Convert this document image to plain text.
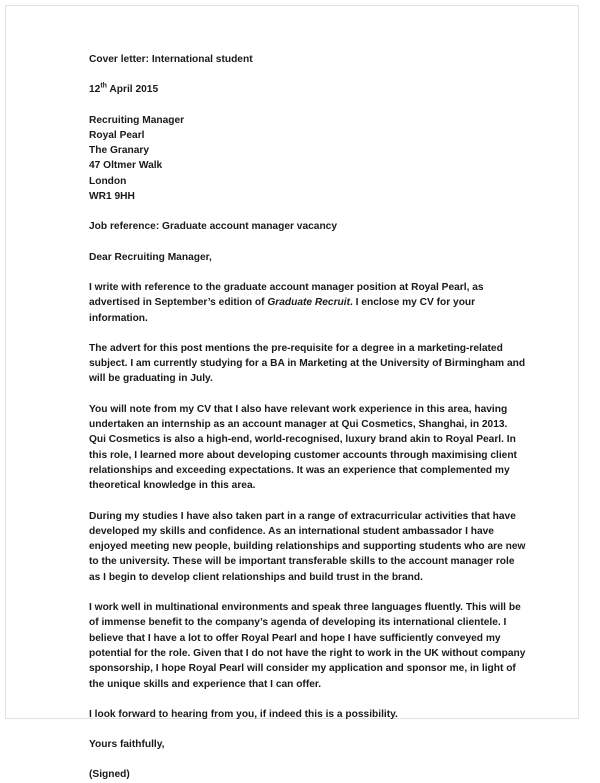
Cover letter: International student
12th April 2015
Recruiting Manager
Royal Pearl
The Granary
47 Oltmer Walk
London
WR1 9HH
Job reference: Graduate account manager vacancy
Dear Recruiting Manager,

I write with reference to the graduate account manager position at Royal Pearl, as advertised in September’s edition of Graduate Recruit. I enclose my CV for your information.

The advert for this post mentions the pre-requisite for a degree in a marketing-related subject. I am currently studying for a BA in Marketing at the University of Birmingham and will be graduating in July.

You will note from my CV that I also have relevant work experience in this area, having undertaken an internship as an account manager at Qui Cosmetics, Shanghai, in 2013. Qui Cosmetics is also a high-end, world-recognised, luxury brand akin to Royal Pearl. In this role, I learned more about developing customer accounts through maximising client relationships and exceeding expectations. It was an experience that complemented my theoretical knowledge in this area.

During my studies I have also taken part in a range of extracurricular activities that have developed my skills and confidence. As an international student ambassador I have enjoyed meeting new people, building relationships and supporting students who are new to the university. These will be important transferable skills to the account manager role as I begin to develop client relationships and build trust in the brand.

I work well in multinational environments and speak three languages fluently. This will be of immense benefit to the company’s agenda of developing its international clientele. I believe that I have a lot to offer Royal Pearl and hope I have sufficiently conveyed my potential for the role. Given that I do not have the right to work in the UK without company sponsorship, I hope Royal Pearl will consider my application and sponsor me, in light of the unique skills and experience that I can offer.

I look forward to hearing from you, if indeed this is a possibility.

Yours faithfully,
(Signed)
